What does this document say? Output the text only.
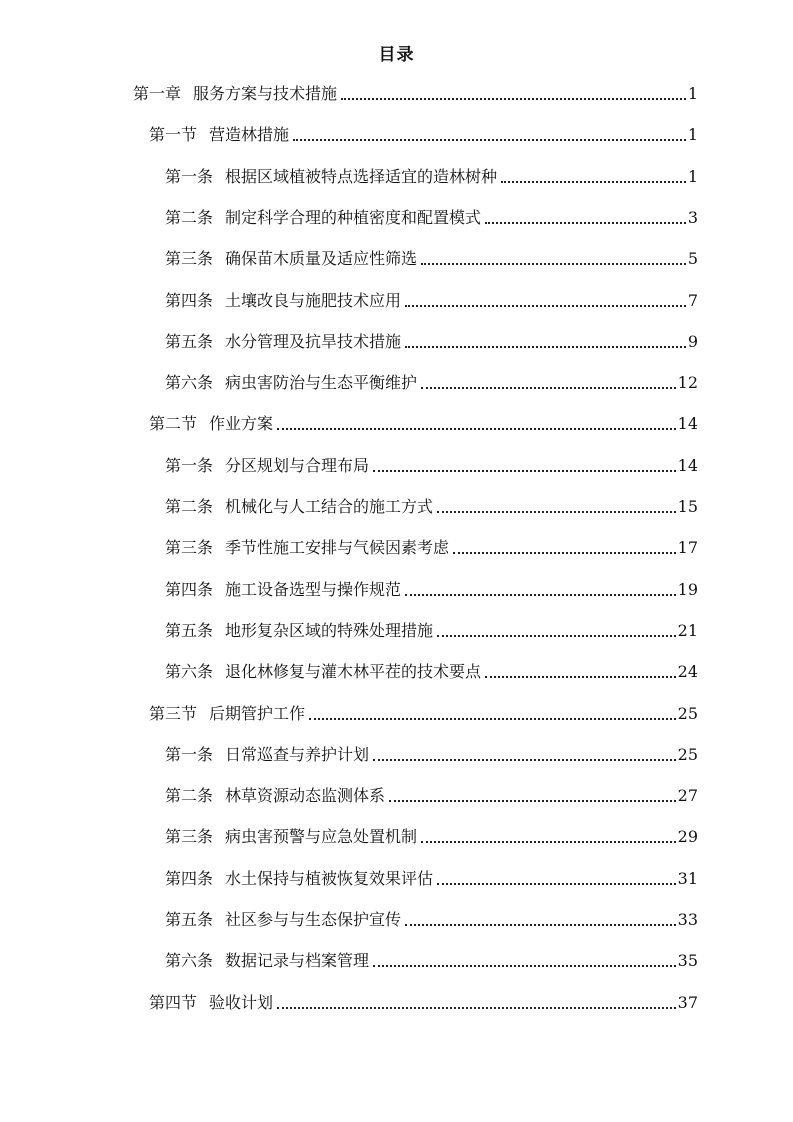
目录
第一章 服务方案与技术措施	1
第一节 营造林措施	1
第一条 根据区域植被特点选择适宜的造林树种	1
第二条 制定科学合理的种植密度和配置模式	3
第三条 确保苗木质量及适应性筛选	5
第四条 土壤改良与施肥技术应用	7
第五条 水分管理及抗旱技术措施	9
第六条 病虫害防治与生态平衡维护	12
第二节 作业方案	14
第一条 分区规划与合理布局	14
第二条 机械化与人工结合的施工方式	15
第三条 季节性施工安排与气候因素考虑	17
第四条 施工设备选型与操作规范	19
第五条 地形复杂区域的特殊处理措施	21
第六条 退化林修复与灌木林平茬的技术要点	24
第三节 后期管护工作	25
第一条 日常巡查与养护计划	25
第二条 林草资源动态监测体系	27
第三条 病虫害预警与应急处置机制	29
第四条 水土保持与植被恢复效果评估	31
第五条 社区参与与生态保护宣传	33
第六条 数据记录与档案管理	35
第四节 验收计划	37
